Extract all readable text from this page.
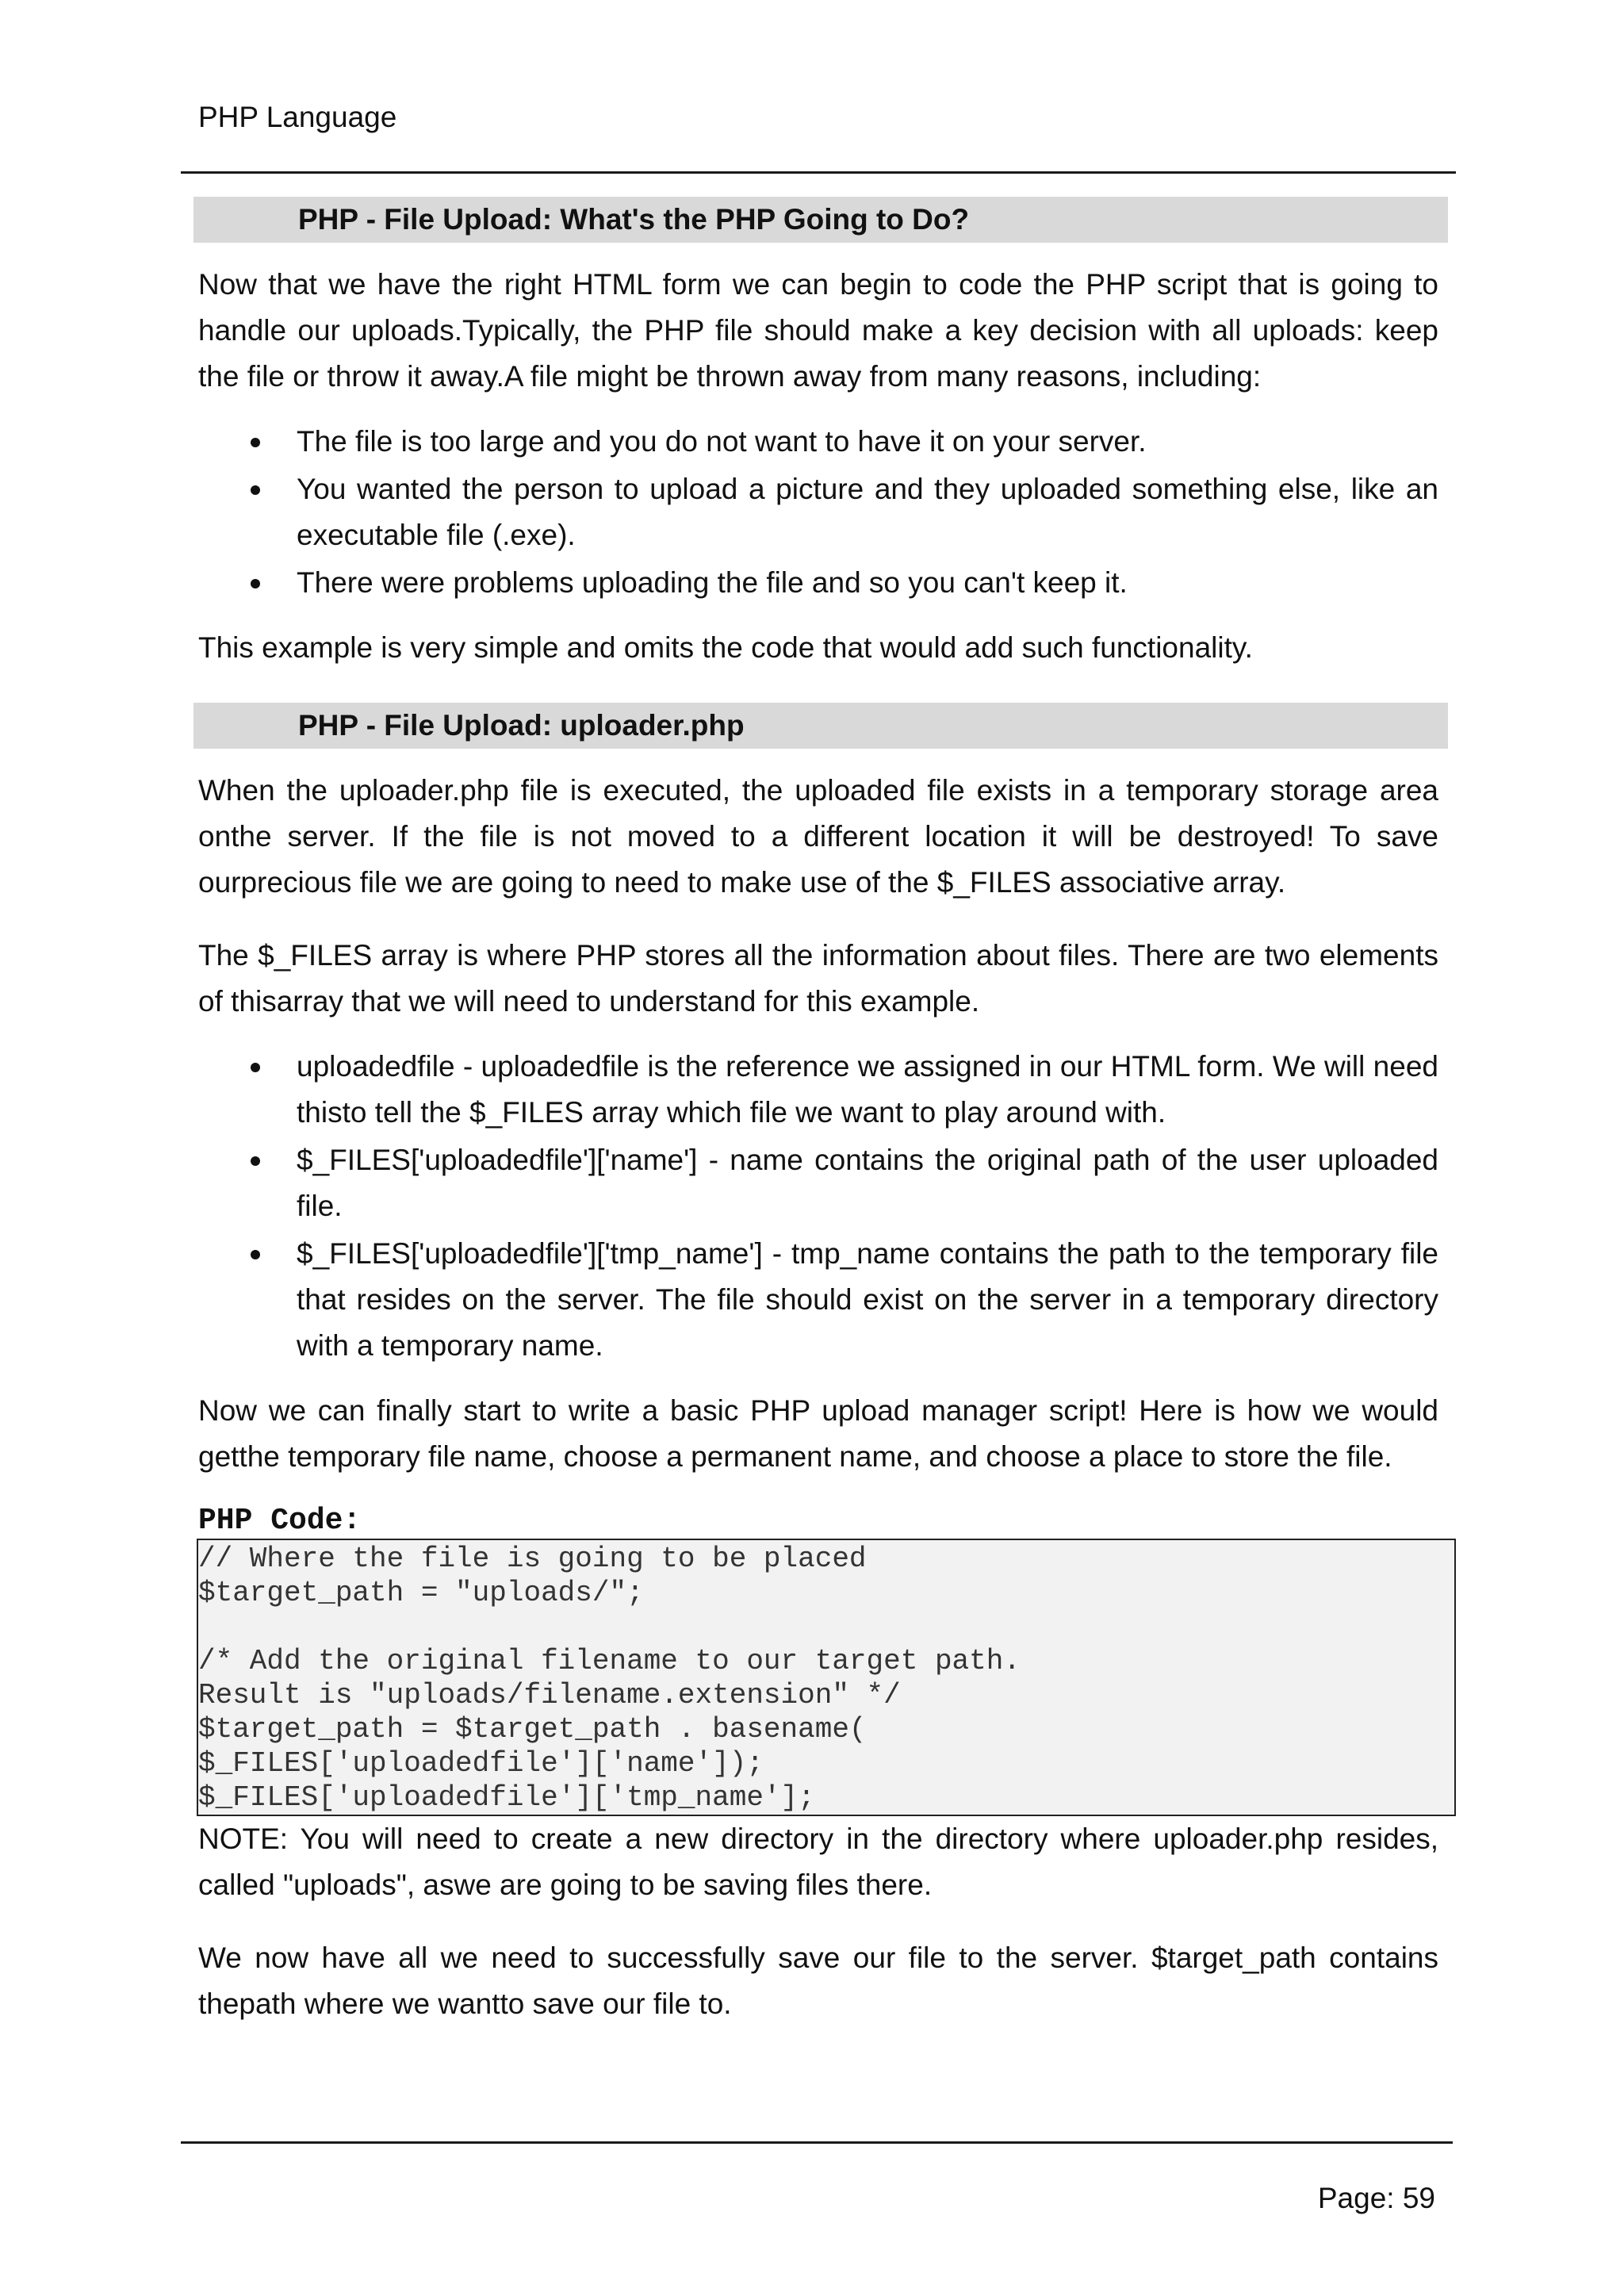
PHP Language
PHP - File Upload: What's the PHP Going to Do?

Now that we have the right HTML form we can begin to code the PHP script that is going to handle our uploads.Typically, the PHP file should make a key decision with all uploads: keep the file or throw it away.A file might be thrown away from many reasons, including:

The file is too large and you do not want to have it on your server.
You wanted the person to upload a picture and they uploaded something else, like an executable file (.exe).
There were problems uploading the file and so you can't keep it.

This example is very simple and omits the code that would add such functionality.

PHP - File Upload: uploader.php

When the uploader.php file is executed, the uploaded file exists in a temporary storage area onthe server. If the file is not moved to a different location it will be destroyed! To save ourprecious file we are going to need to make use of the $_FILES associative array.

The $_FILES array is where PHP stores all the information about files. There are two elements of thisarray that we will need to understand for this example.

uploadedfile - uploadedfile is the reference we assigned in our HTML form. We will need thisto tell the $_FILES array which file we want to play around with.
$_FILES['uploadedfile']['name'] - name contains the original path of the user uploaded file.
$_FILES['uploadedfile']['tmp_name'] - tmp_name contains the path to the temporary file that resides on the server. The file should exist on the server in a temporary directory with a temporary name.

Now we can finally start to write a basic PHP upload manager script! Here is how we would getthe temporary file name, choose a permanent name, and choose a place to store the file.

PHP Code:
// Where the file is going to be placed
$target_path = "uploads/";
/* Add the original filename to our target path.
Result is "uploads/filename.extension" */
$target_path = $target_path . basename(
$_FILES['uploadedfile']['name']);
$_FILES['uploadedfile']['tmp_name'];

NOTE: You will need to create a new directory in the directory where uploader.php resides, called "uploads", aswe are going to be saving files there.

We now have all we need to successfully save our file to the server. $target_path contains thepath where we wantto save our file to.

Page: 59
